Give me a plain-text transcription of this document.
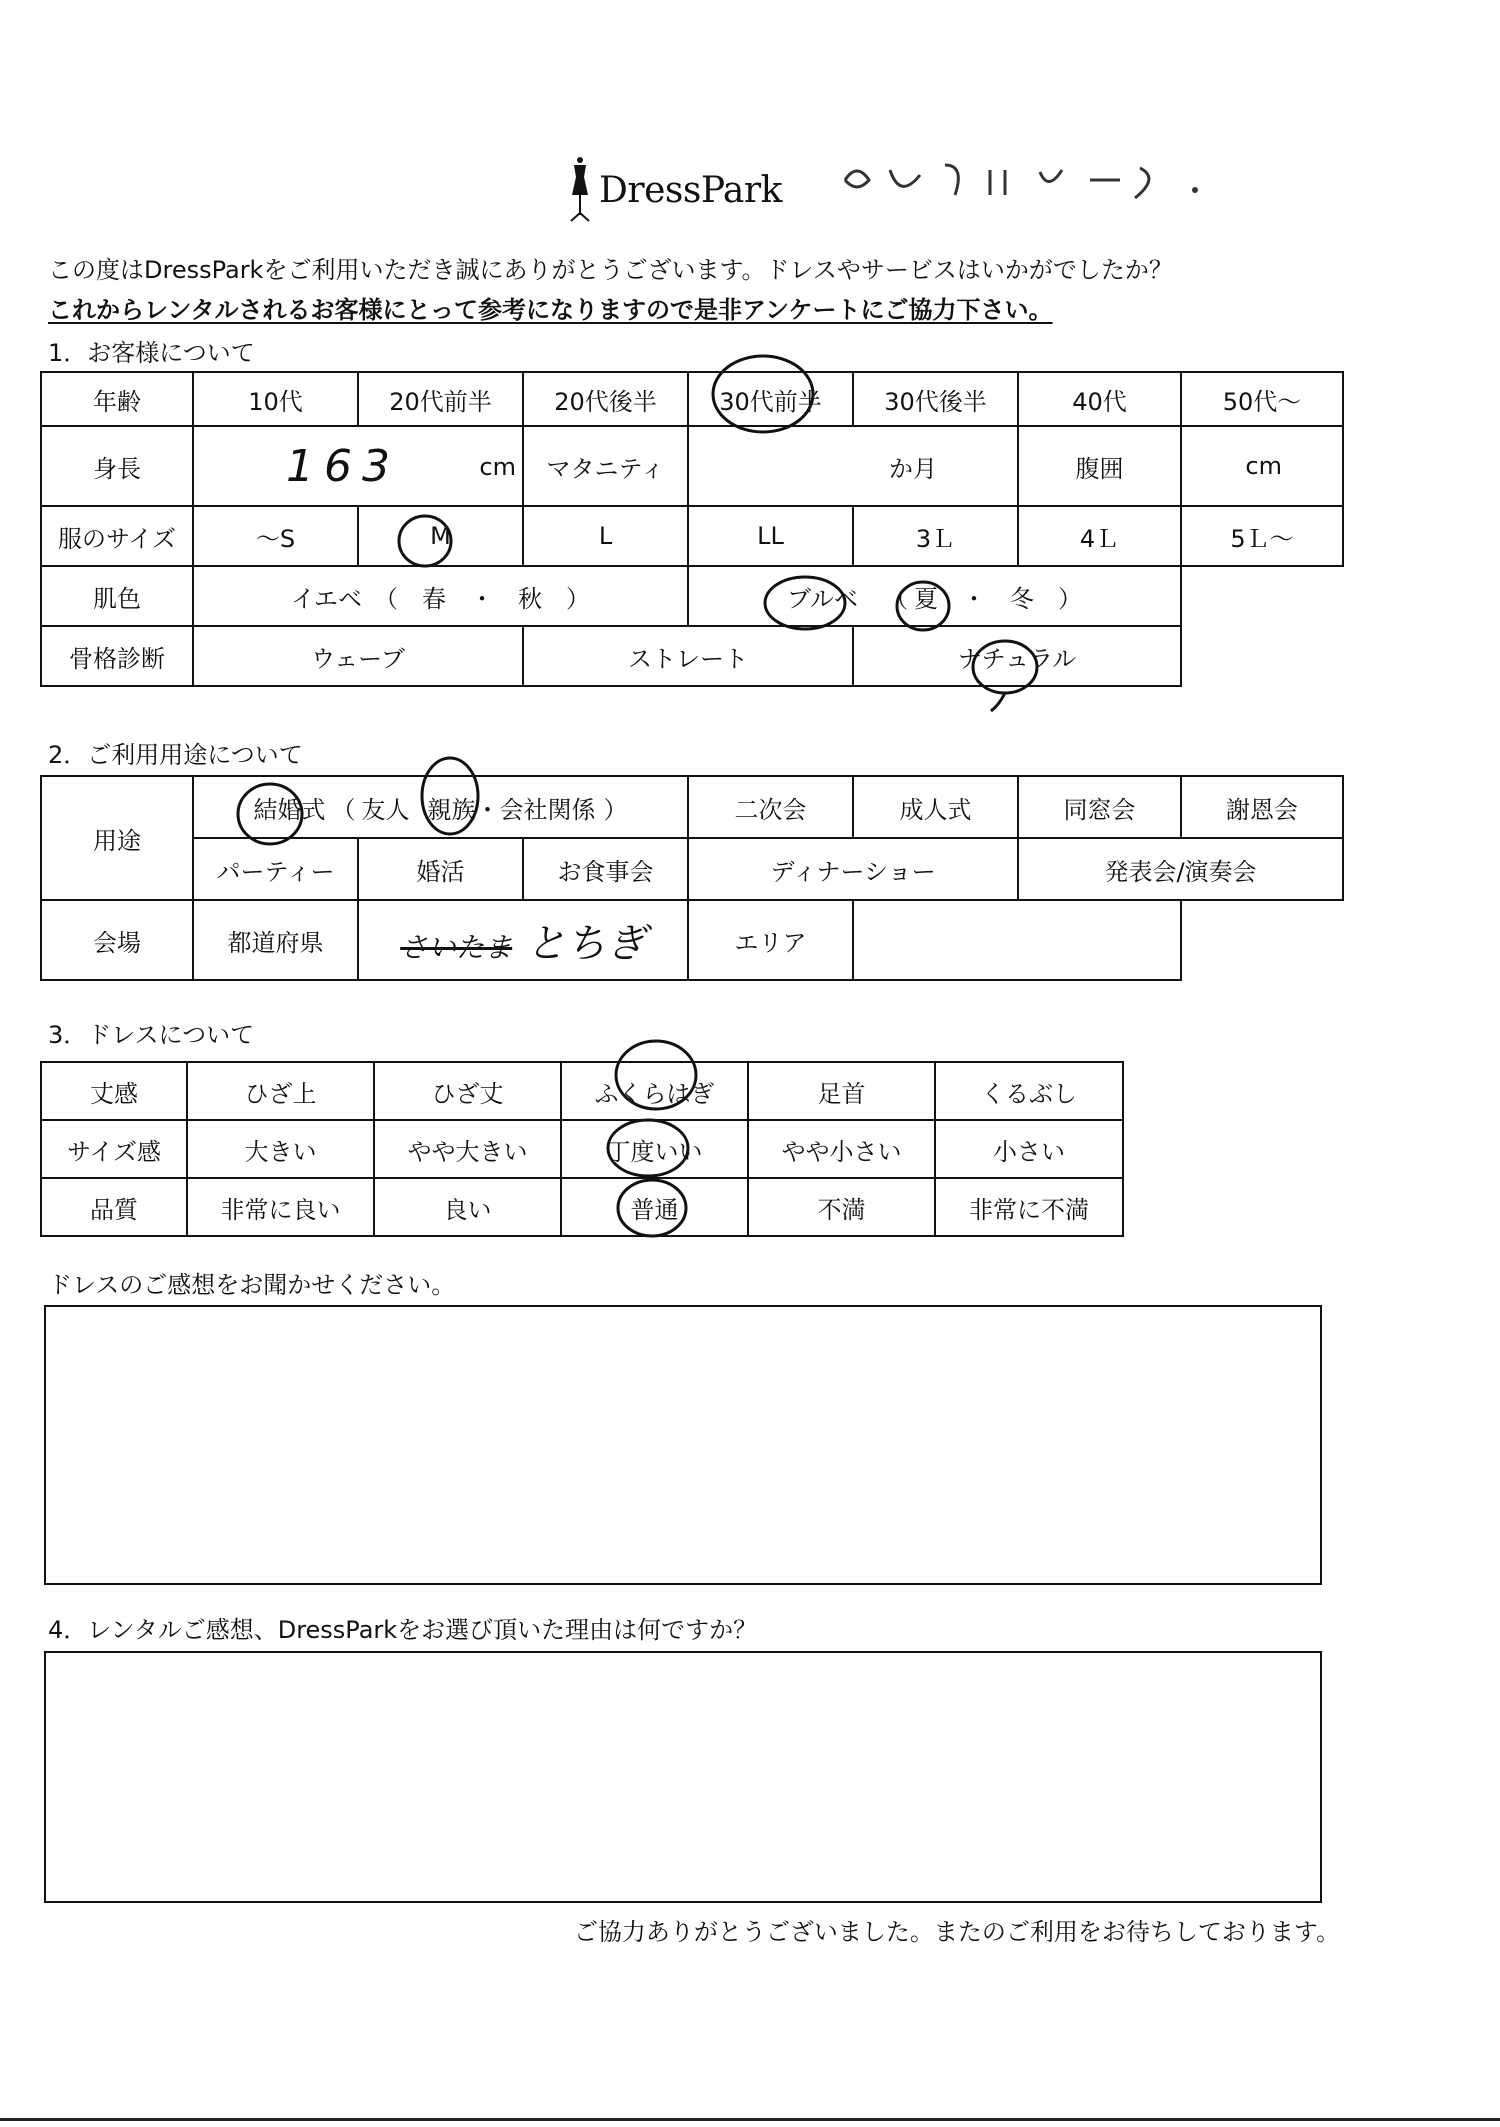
DressPark
この度はDressParkをご利用いただき誠にありがとうございます。ドレスやサービスはいかがでしたか？
これからレンタルされるお客様にとって参考になりますので是非アンケートにご協力下さい。
1．お客様について
年齢	10代	20代前半	20代後半	30代前半	30代後半	40代	50代～
身長	163 cm		マタニティ	か月		腹囲	cm
服のサイズ	～S	M	L	LL	3Ｌ	4Ｌ	5Ｌ～
肌色	イエベ　（　春　・　秋　）			ブルベ （ 夏　 ・　冬　）			
骨格診断	ウェーブ		ストレート		ナチュラル		
2．ご利用用途について
用途	結婚式 （ 友人 親族・会社関係 ）			二次会	成人式	同窓会	謝恩会
	パーティー	婚活	お食事会	ディナーショー		発表会/演奏会	
会場	都道府県	さいたま とちぎ		エリア			
3．ドレスについて
丈感	ひざ上	ひざ丈	ふくらはぎ	足首	くるぶし
サイズ感	大きい	やや大きい	丁度いい	やや小さい	小さい
品質	非常に良い	良い	普通	不満	非常に不満
ドレスのご感想をお聞かせください。
4．レンタルご感想、DressParkをお選び頂いた理由は何ですか？
ご協力ありがとうございました。またのご利用をお待ちしております。
